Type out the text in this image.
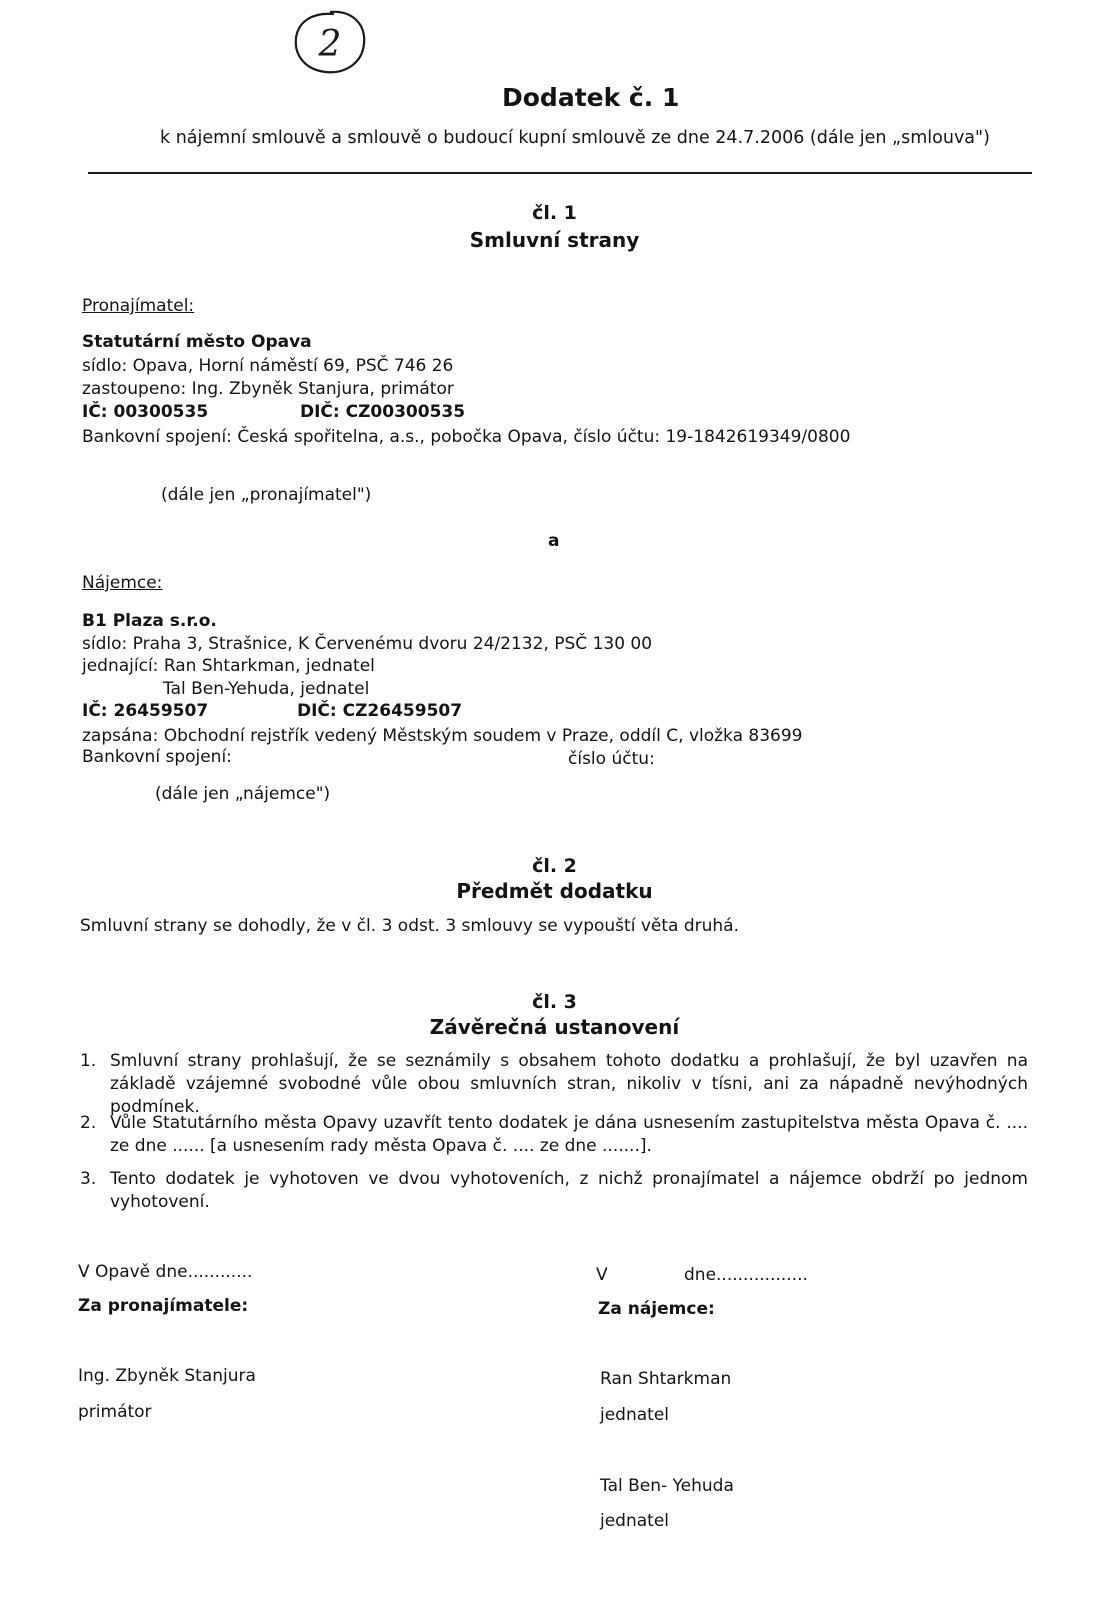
2
Dodatek č. 1
k nájemní smlouvě a smlouvě o budoucí kupní smlouvě ze dne 24.7.2006 (dále jen „smlouva")
čl. 1
Smluvní strany
Pronajímatel:
Statutární město Opava
sídlo: Opava, Horní náměstí 69, PSČ 746 26
zastoupeno: Ing. Zbyněk Stanjura, primátor
IČ: 00300535	DIČ: CZ00300535
Bankovní spojení: Česká spořitelna, a.s., pobočka Opava, číslo účtu: 19-1842619349/0800
(dále jen „pronajímatel")
a
Nájemce:
B1 Plaza s.r.o.
sídlo: Praha 3, Strašnice, K Červenému dvoru 24/2132, PSČ 130 00
jednající: Ran Shtarkman, jednatel
Tal Ben-Yehuda, jednatel
IČ: 26459507	DIČ: CZ26459507
zapsána: Obchodní rejstřík vedený Městským soudem v Praze, oddíl C, vložka 83699
Bankovní spojení:	číslo účtu:
(dále jen „nájemce")
čl. 2
Předmět dodatku
Smluvní strany se dohodly, že v čl. 3 odst. 3 smlouvy se vypouští věta druhá.
čl. 3
Závěrečná ustanovení
1. Smluvní strany prohlašují, že se seznámily s obsahem tohoto dodatku a prohlašují, že byl uzavřen na základě vzájemné svobodné vůle obou smluvních stran, nikoliv v tísni, ani za nápadně nevýhodných podmínek.
2. Vůle Statutárního města Opavy uzavřít tento dodatek je dána usnesením zastupitelstva města Opava č. .... ze dne ...... [a usnesením rady města Opava č. .... ze dne .......].
3. Tento dodatek je vyhotoven ve dvou vyhotoveních, z nichž pronajímatel a nájemce obdrží po jednom vyhotovení.
V Opavě dne............
Za pronajímatele:
Ing. Zbyněk Stanjura
primátor
V	dne.................
Za nájemce:
Ran Shtarkman
jednatel
Tal Ben- Yehuda
jednatel
